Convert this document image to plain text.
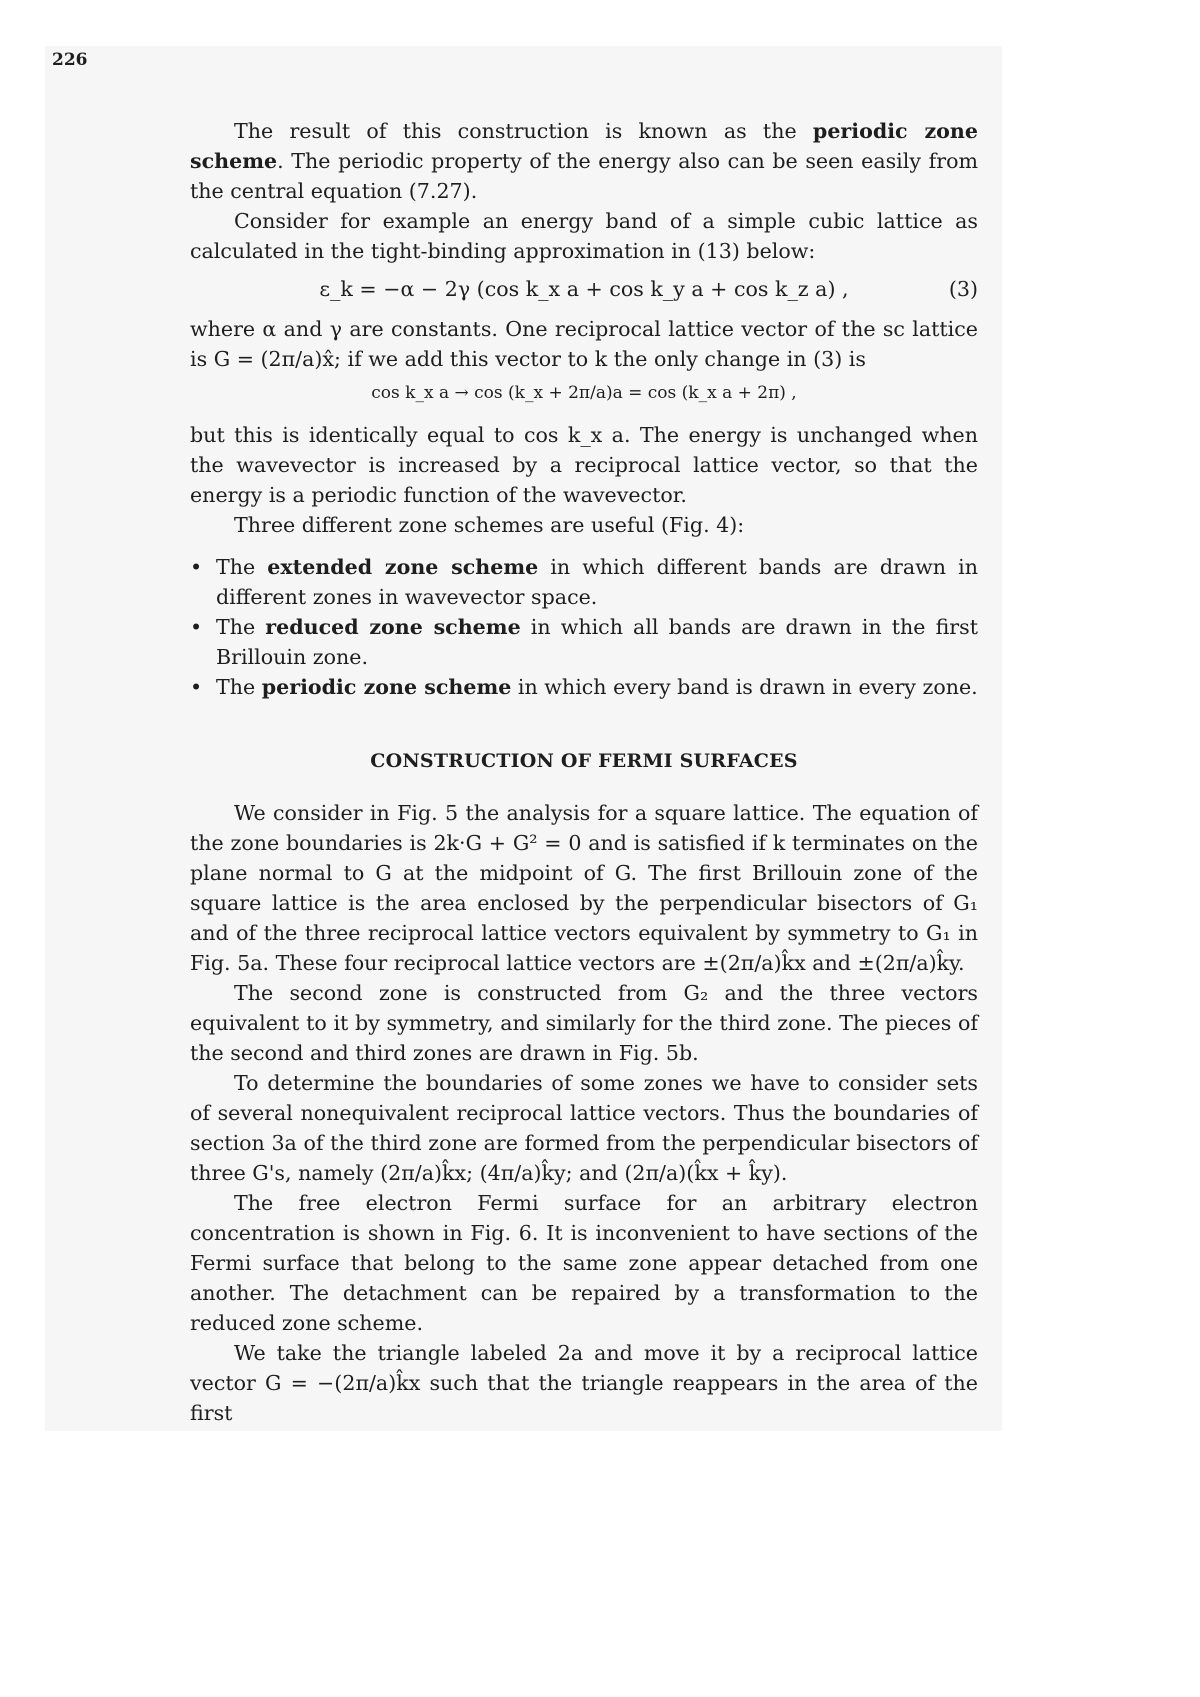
226

The result of this construction is known as the periodic zone scheme. The periodic property of the energy also can be seen easily from the central equation (7.27).

Consider for example an energy band of a simple cubic lattice as calculated in the tight-binding approximation in (13) below:

ε_k = −α − 2γ (cos k_x a + cos k_y a + cos k_z a) ,	(3)

where α and γ are constants. One reciprocal lattice vector of the sc lattice is G = (2π/a)x̂; if we add this vector to k the only change in (3) is

cos k_x a → cos (k_x + 2π/a)a = cos (k_x a + 2π) ,

but this is identically equal to cos k_x a. The energy is unchanged when the wavevector is increased by a reciprocal lattice vector, so that the energy is a periodic function of the wavevector.

Three different zone schemes are useful (Fig. 4):

• The extended zone scheme in which different bands are drawn in different zones in wavevector space.
• The reduced zone scheme in which all bands are drawn in the first Brillouin zone.
• The periodic zone scheme in which every band is drawn in every zone.
CONSTRUCTION OF FERMI SURFACES

We consider in Fig. 5 the analysis for a square lattice. The equation of the zone boundaries is 2k·G + G² = 0 and is satisfied if k terminates on the plane normal to G at the midpoint of G. The first Brillouin zone of the square lattice is the area enclosed by the perpendicular bisectors of G₁ and of the three reciprocal lattice vectors equivalent by symmetry to G₁ in Fig. 5a. These four reciprocal lattice vectors are ±(2π/a)k̂x and ±(2π/a)k̂y.

The second zone is constructed from G₂ and the three vectors equivalent to it by symmetry, and similarly for the third zone. The pieces of the second and third zones are drawn in Fig. 5b.

To determine the boundaries of some zones we have to consider sets of several nonequivalent reciprocal lattice vectors. Thus the boundaries of section 3a of the third zone are formed from the perpendicular bisectors of three G's, namely (2π/a)k̂x; (4π/a)k̂y; and (2π/a)(k̂x + k̂y).

The free electron Fermi surface for an arbitrary electron concentration is shown in Fig. 6. It is inconvenient to have sections of the Fermi surface that belong to the same zone appear detached from one another. The detachment can be repaired by a transformation to the reduced zone scheme.

We take the triangle labeled 2a and move it by a reciprocal lattice vector G = −(2π/a)k̂x such that the triangle reappears in the area of the first
